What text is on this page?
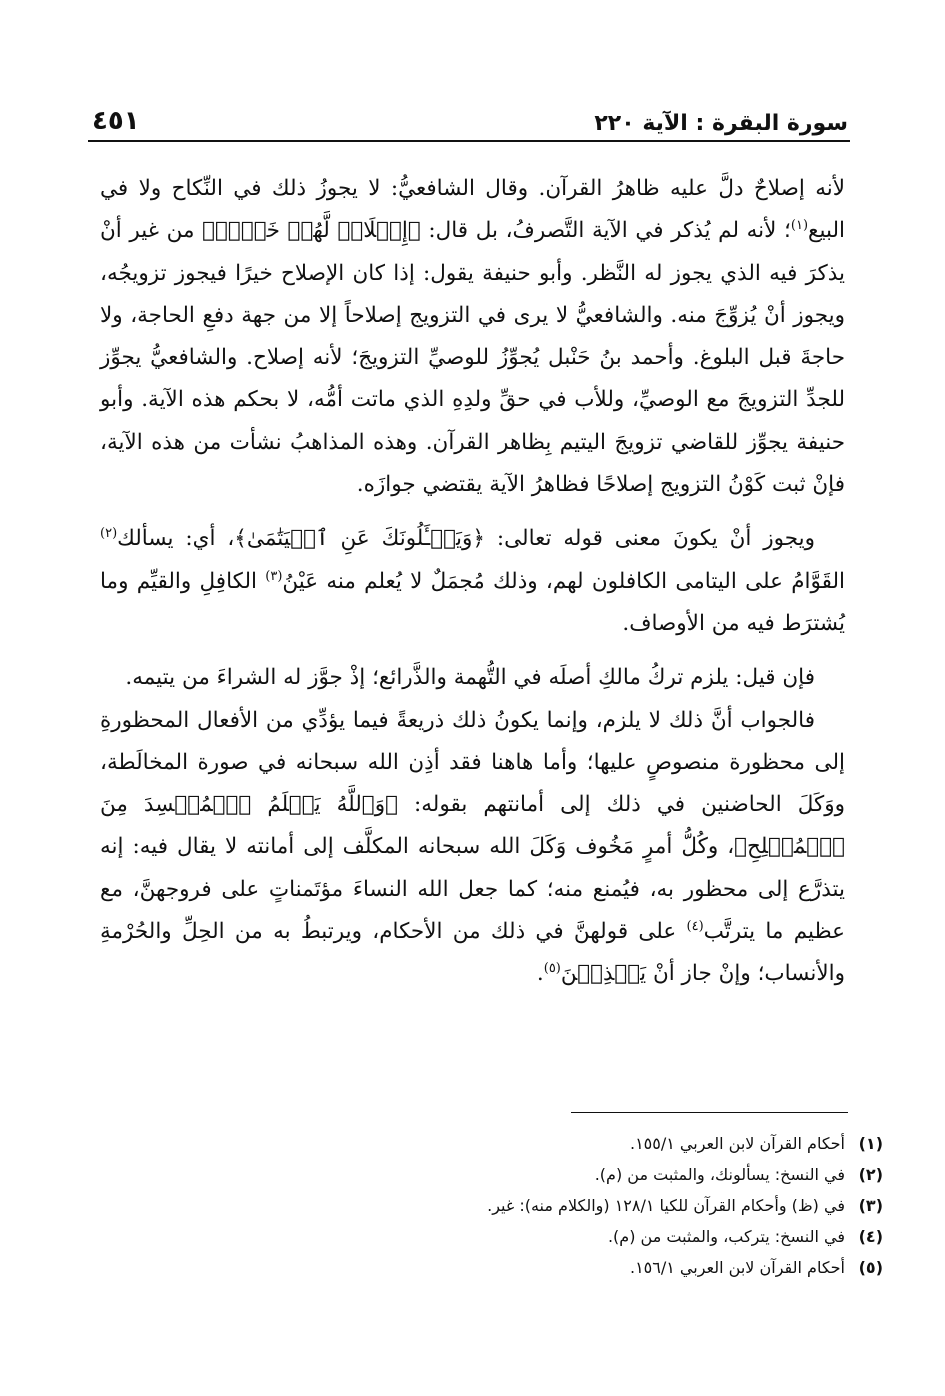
سورة البقرة : الآية ٢٢٠
٤٥١

لأنه إصلاحٌ دلَّ عليه ظاهرُ القرآن. وقال الشافعيُّ: لا يجوزُ ذلك في النِّكاح ولا في البيع$^{(١)}$؛ لأنه لم يُذكر في الآية التَّصرفُ، بل قال: ﴿إِصۡلَاحٞ لَّهُمۡ خَيۡرٞ﴾ من غير أنْ يذكرَ فيه الذي يجوز له النَّظر. وأبو حنيفة يقول: إذا كان الإصلاح خيرًا فيجوز تزويجُه، ويجوز أنْ يُزوِّجَ منه. والشافعيُّ لا يرى في التزويج إصلاحاً إلا من جهة دفعِ الحاجة، ولا حاجةَ قبل البلوغ. وأحمد بنُ حَنْبل يُجوِّزُ للوصيِّ التزويجَ؛ لأنه إصلاح. والشافعيُّ يجوِّز للجدِّ التزويجَ مع الوصيِّ، وللأب في حقِّ ولدِهِ الذي ماتت أمُّه، لا بحكم هذه الآية. وأبو حنيفة يجوِّز للقاضي تزويجَ اليتيم بِظاهر القرآن. وهذه المذاهبُ نشأت من هذه الآية، فإنْ ثبت كَوْنُ التزويج إصلاحًا فظاهرُ الآية يقتضي جوازَه.

ويجوز أنْ يكونَ معنى قوله تعالى: ﴿وَيَسۡـَٔلُونَكَ عَنِ ٱلۡيَتَٰمَىٰ﴾، أي: يسألك$^{(٢)}$ القَوَّامُ على اليتامى الكافلون لهم، وذلك مُجمَلٌ لا يُعلم منه عَيْنُ$^{(٣)}$ الكافِلِ والقيِّم وما يُشترَط فيه من الأوصاف.

فإن قيل: يلزم تركُ مالكِ أصلَه في التُّهمة والذَّرائع؛ إذْ جوَّز له الشراءَ من يتيمه.

فالجواب أنَّ ذلك لا يلزم، وإنما يكونُ ذلك ذريعةً فيما يؤدِّي من الأفعال المحظورةِ إلى محظورة منصوصٍ عليها؛ وأما هاهنا فقد أذِن الله سبحانه في صورة المخالَطة، ووَكَلَ الحاضنين في ذلك إلى أمانتهم بقوله: ﴿وَٱللَّهُ يَعۡلَمُ ٱلۡمُفۡسِدَ مِنَ ٱلۡمُصۡلِحِ﴾، وكُلُّ أمرٍ مَخُوف وَكَلَ الله سبحانه المكلَّف إلى أمانته لا يقال فيه: إنه يتذرَّع إلى محظور به، فيُمنع منه؛ كما جعل الله النساءَ مؤتَمناتٍ على فروجهنَّ، مع عظيم ما يترتَّب$^{(٤)}$ على قولهنَّ في ذلك من الأحكام، ويرتبطُ به من الحِلِّ والحُرْمةِ والأنساب؛ وإنْ جاز أنْ يَكۡذِبۡنَ$^{(٥)}$.

(١)
أحكام القرآن لابن العربي ١٥٥/١.
(٢)
في النسخ: يسألونك، والمثبت من (م).
(٣)
في (ظ) وأحكام القرآن للكيا ١٢٨/١ (والكلام منه): غير.
(٤)
في النسخ: يتركب، والمثبت من (م).
(٥)
أحكام القرآن لابن العربي ١٥٦/١.
